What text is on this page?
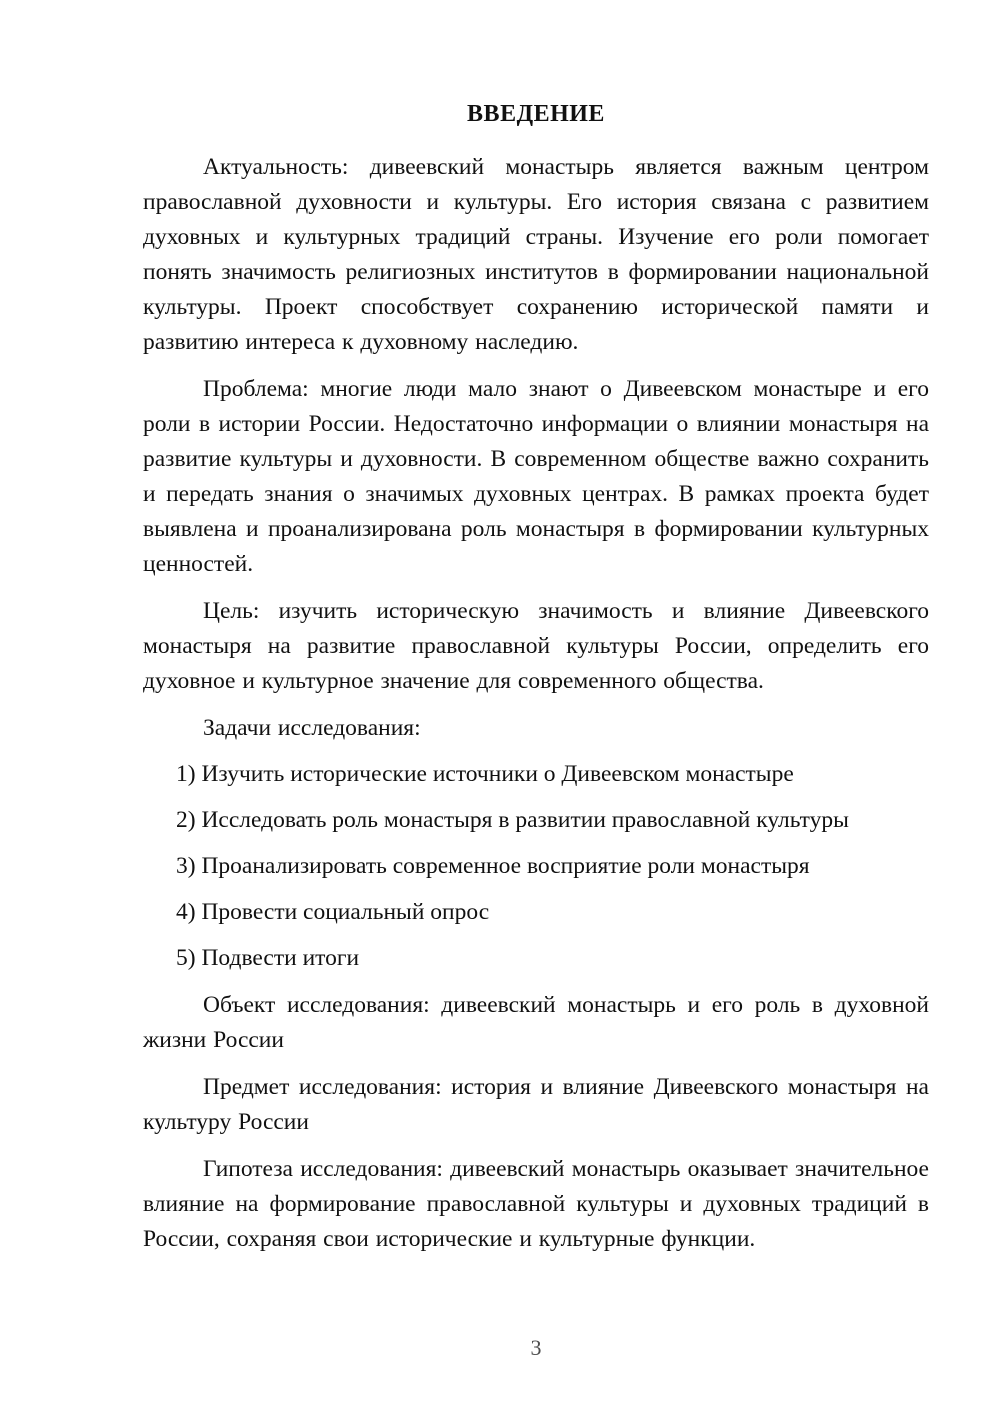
ВВЕДЕНИЕ

Актуальность: дивеевский монастырь является важным центром православной духовности и культуры. Его история связана с развитием духовных и культурных традиций страны. Изучение его роли помогает понять значимость религиозных институтов в формировании национальной культуры. Проект способствует сохранению исторической памяти и развитию интереса к духовному наследию.

Проблема: многие люди мало знают о Дивеевском монастыре и его роли в истории России. Недостаточно информации о влиянии монастыря на развитие культуры и духовности. В современном обществе важно сохранить и передать знания о значимых духовных центрах. В рамках проекта будет выявлена и проанализирована роль монастыря в формировании культурных ценностей.

Цель: изучить историческую значимость и влияние Дивеевского монастыря на развитие православной культуры России, определить его духовное и культурное значение для современного общества.

Задачи исследования:

1) Изучить исторические источники о Дивеевском монастыре

2) Исследовать роль монастыря в развитии православной культуры

3) Проанализировать современное восприятие роли монастыря

4) Провести социальный опрос

5) Подвести итоги

Объект исследования: дивеевский монастырь и его роль в духовной жизни России

Предмет исследования: история и влияние Дивеевского монастыря на культуру России

Гипотеза исследования: дивеевский монастырь оказывает значительное влияние на формирование православной культуры и духовных традиций в России, сохраняя свои исторические и культурные функции.

3
